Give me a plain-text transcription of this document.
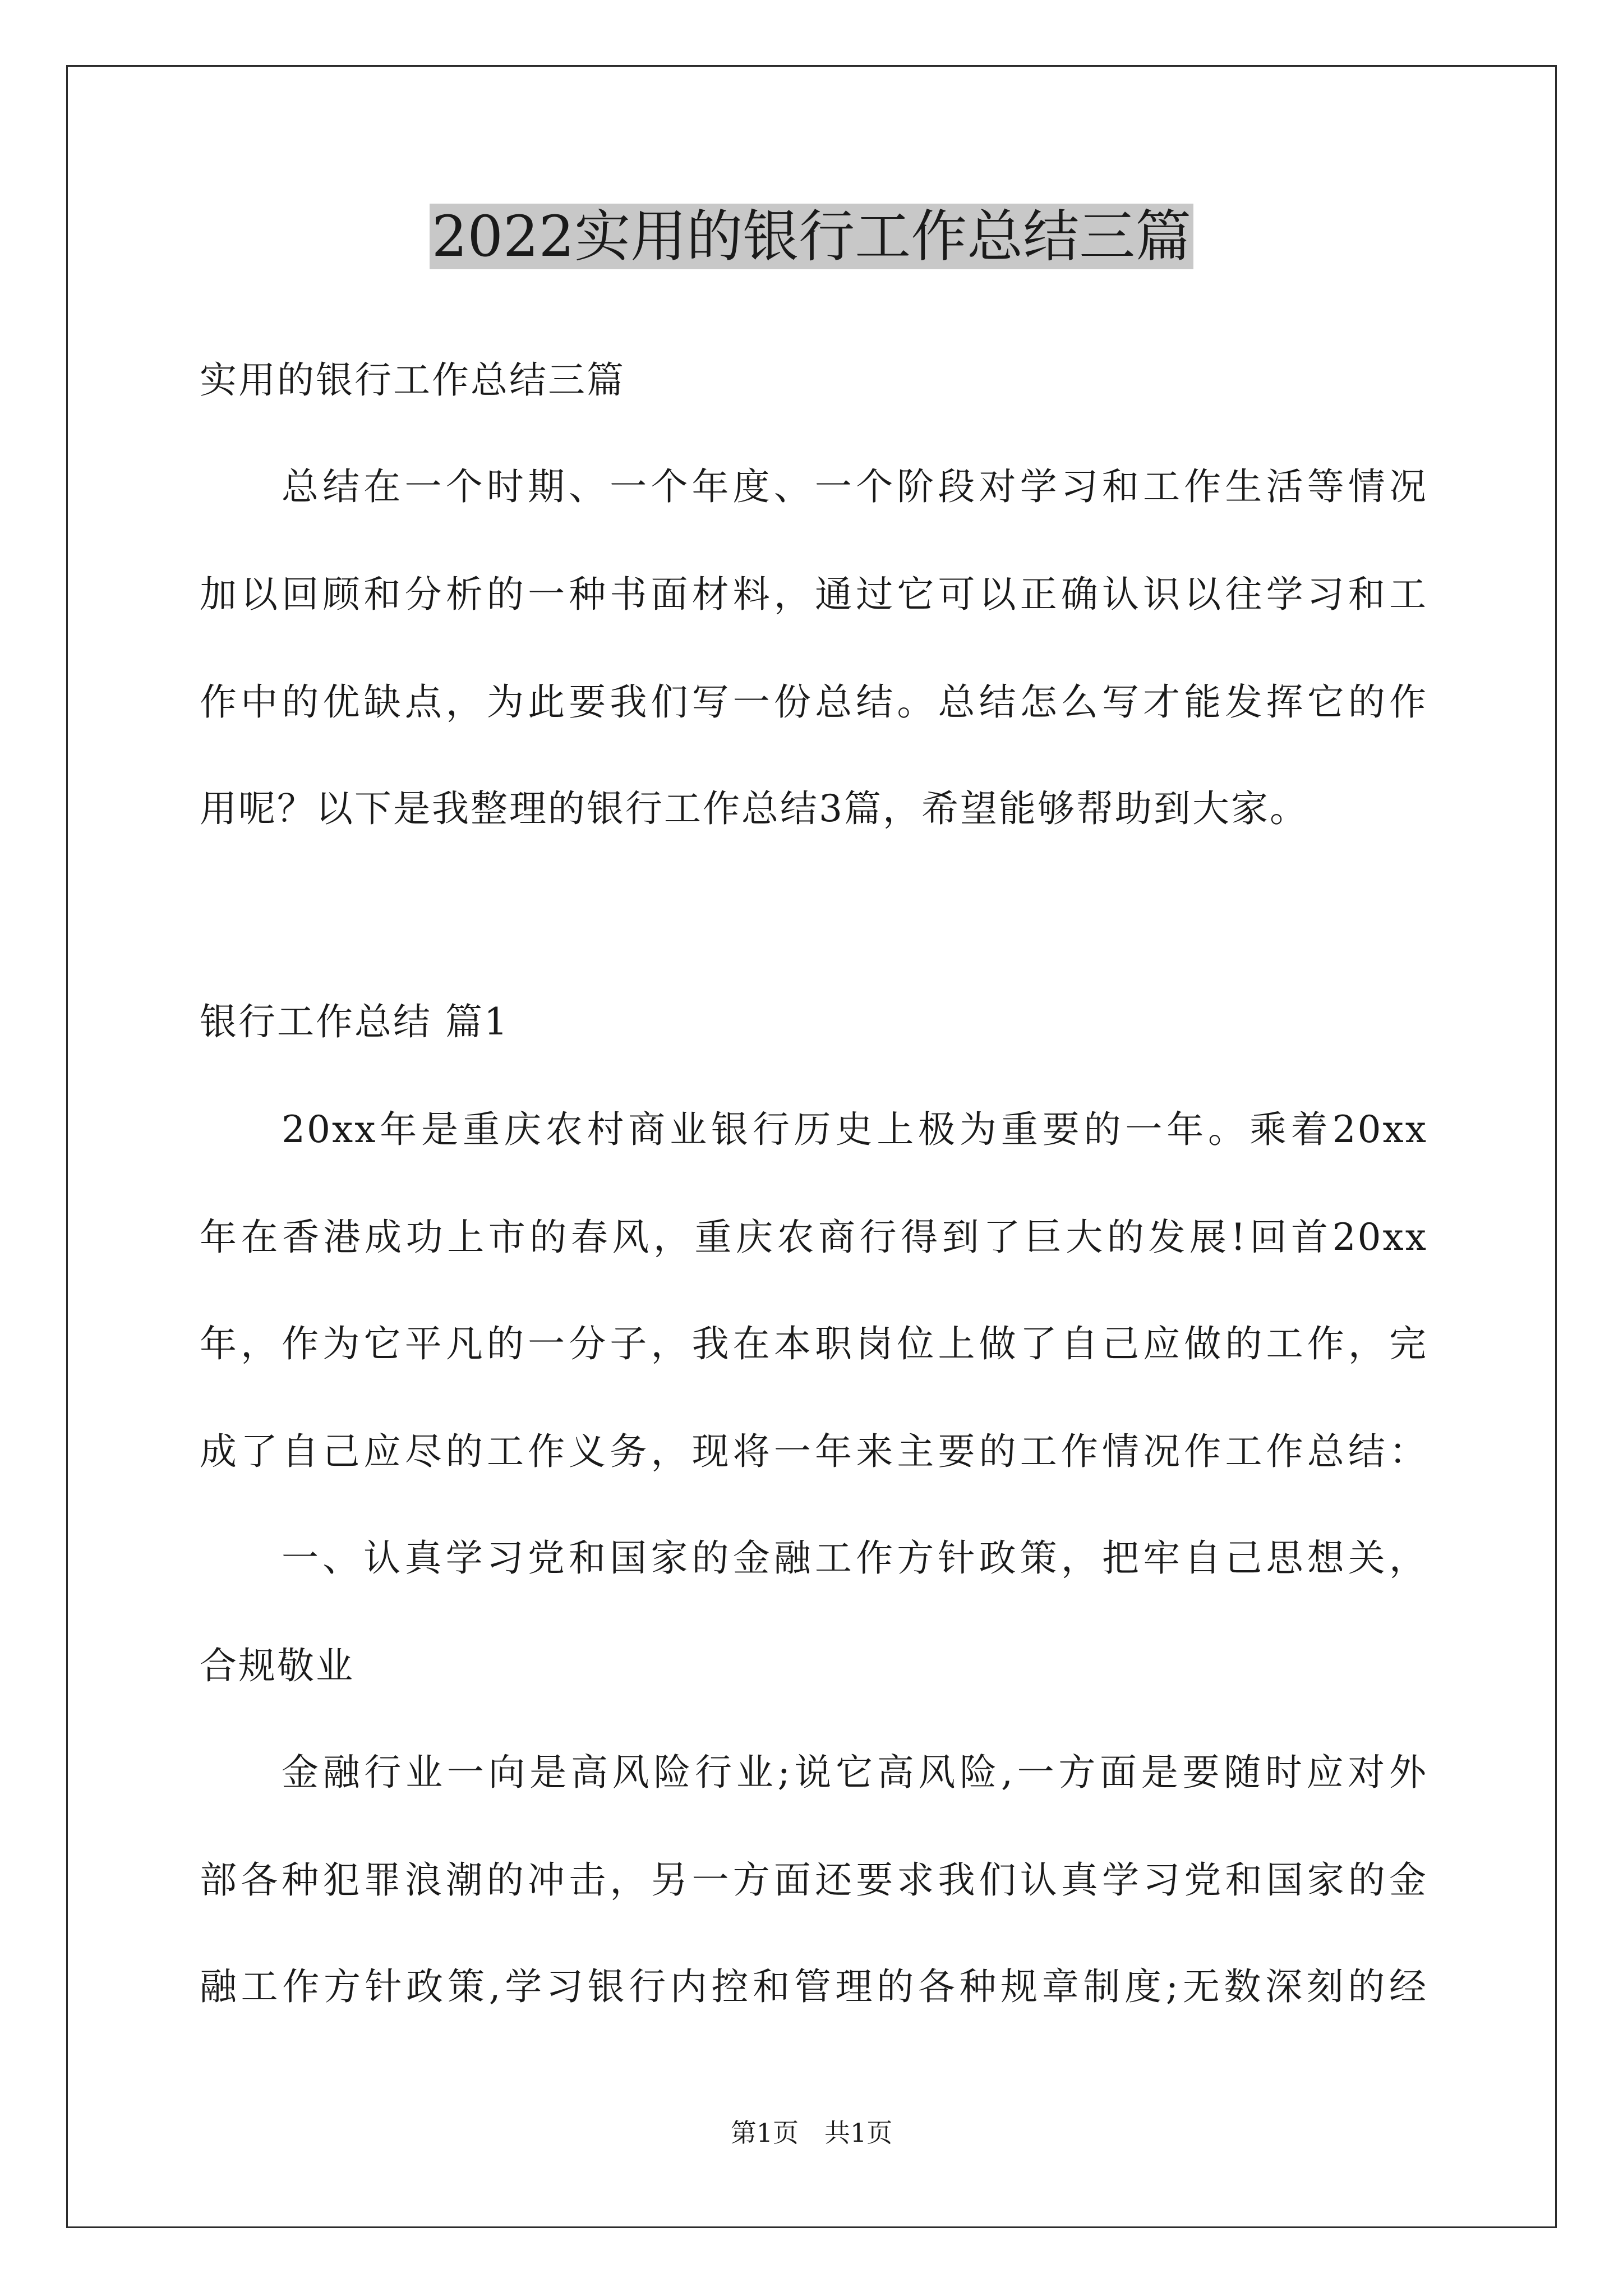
2022实用的银行工作总结三篇

实用的银行工作总结三篇

总结在一个时期、一个年度、一个阶段对学习和工作生活等情况

加以回顾和分析的一种书面材料，通过它可以正确认识以往学习和工

作中的优缺点，为此要我们写一份总结。总结怎么写才能发挥它的作

用呢？以下是我整理的银行工作总结3篇，希望能够帮助到大家。

银行工作总结 篇1

20xx年是重庆农村商业银行历史上极为重要的一年。乘着20xx

年在香港成功上市的春风，重庆农商行得到了巨大的发展!回首20xx

年，作为它平凡的一分子，我在本职岗位上做了自己应做的工作，完

成了自己应尽的工作义务，现将一年来主要的工作情况作工作总结：

一、认真学习党和国家的金融工作方针政策，把牢自己思想关，

合规敬业

金融行业一向是高风险行业;说它高风险,一方面是要随时应对外

部各种犯罪浪潮的冲击，另一方面还要求我们认真学习党和国家的金

融工作方针政策,学习银行内控和管理的各种规章制度;无数深刻的经

第1页　共1页
